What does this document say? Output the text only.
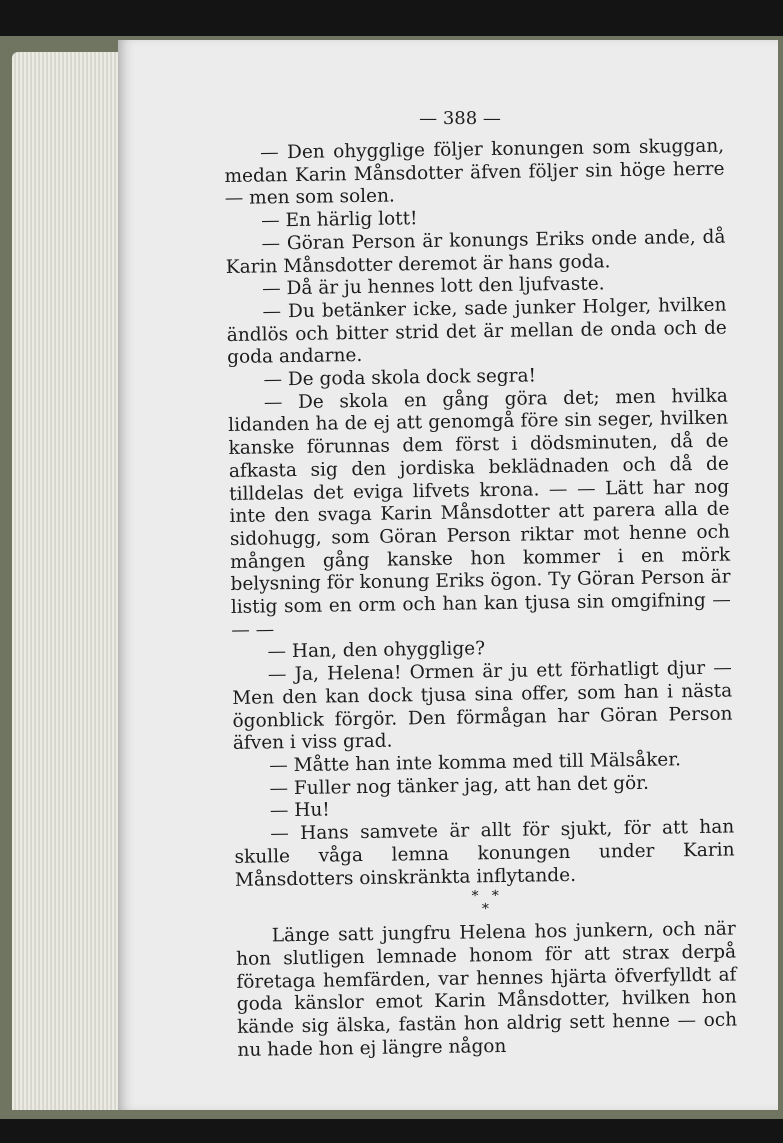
— 388 —

— Den ohygglige följer konungen som skuggan, medan Karin Månsdotter äfven följer sin höge herre — men som solen.

— En härlig lott!

— Göran Person är konungs Eriks onde ande, då Karin Månsdotter deremot är hans goda.

— Då är ju hennes lott den ljufvaste.

— Du betänker icke, sade junker Holger, hvilken ändlös och bitter strid det är mellan de onda och de goda andarne.

— De goda skola dock segra!

— De skola en gång göra det; men hvilka lidanden ha de ej att genomgå före sin seger, hvilken kanske förunnas dem först i dödsminuten, då de afkasta sig den jordiska beklädnaden och då de tilldelas det eviga lifvets krona. — — Lätt har nog inte den svaga Karin Månsdotter att parera alla de sidohugg, som Göran Person riktar mot henne och mången gång kanske hon kommer i en mörk belysning för konung Eriks ögon. Ty Göran Person är listig som en orm och han kan tjusa sin omgifning — — —

— Han, den ohygglige?

— Ja, Helena! Ormen är ju ett förhatligt djur — Men den kan dock tjusa sina offer, som han i nästa ögonblick förgör. Den förmågan har Göran Person äfven i viss grad.

— Måtte han inte komma med till Mälsåker.

— Fuller nog tänker jag, att han det gör.

— Hu!

— Hans samvete är allt för sjukt, för att han skulle våga lemna konungen under Karin Månsdotters oinskränkta inflytande.

*   *
*

Länge satt jungfru Helena hos junkern, och när hon slutligen lemnade honom för att strax derpå företaga hemfärden, var hennes hjärta öfverfylldt af goda känslor emot Karin Månsdotter, hvilken hon kände sig älska, fastän hon aldrig sett henne — och nu hade hon ej längre någon
